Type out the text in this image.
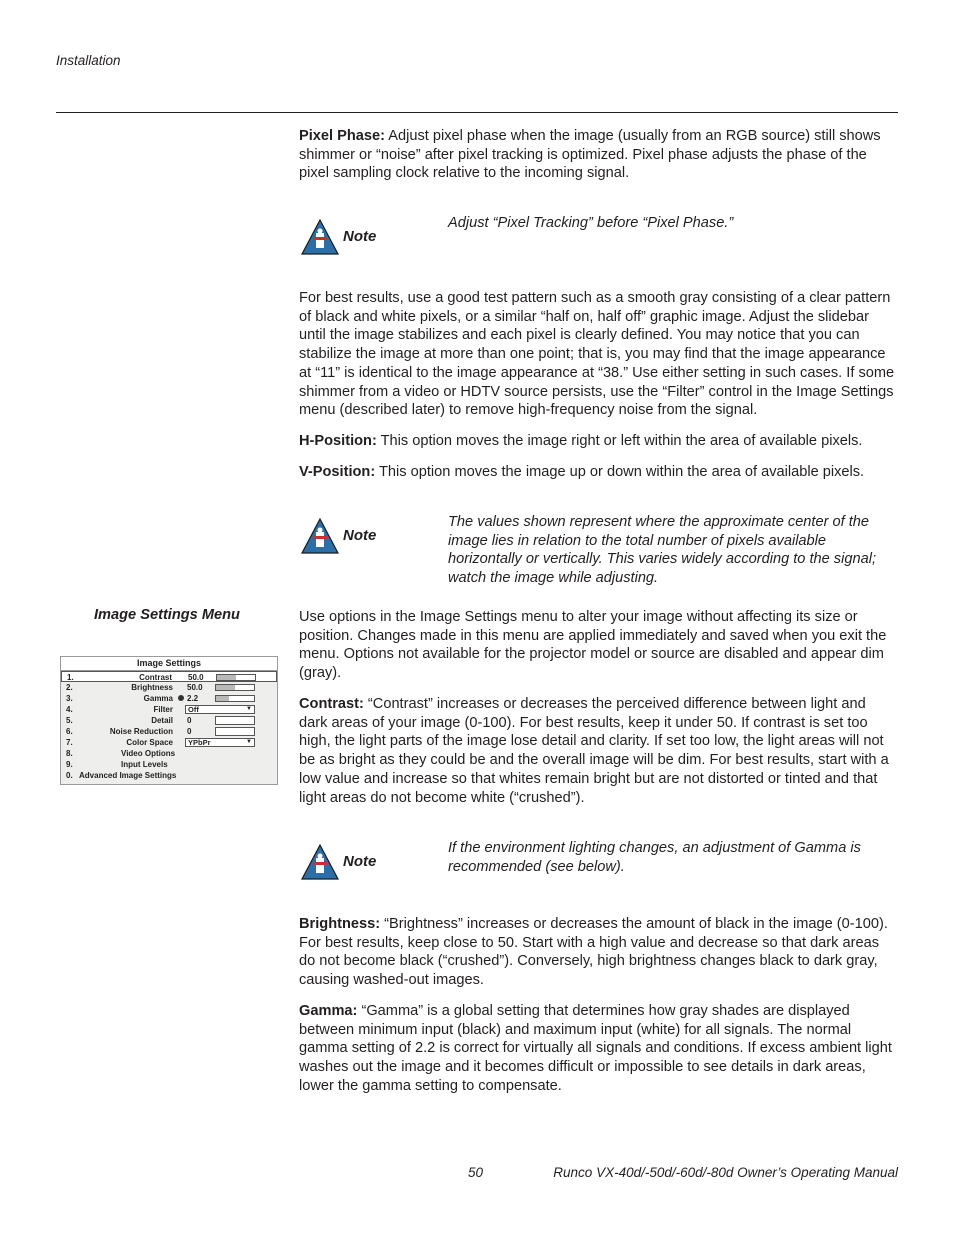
Installation

Pixel Phase: Adjust pixel phase when the image (usually from an RGB source) still shows shimmer or “noise” after pixel tracking is optimized. Pixel phase adjusts the phase of the pixel sampling clock relative to the incoming signal.

Note
Adjust “Pixel Tracking” before “Pixel Phase.”

For best results, use a good test pattern such as a smooth gray consisting of a clear pattern of black and white pixels, or a similar “half on, half off” graphic image. Adjust the slidebar until the image stabilizes and each pixel is clearly defined. You may notice that you can stabilize the image at more than one point; that is, you may find that the image appearance at “11” is identical to the image appearance at “38.” Use either setting in such cases. If some shimmer from a video or HDTV source persists, use the “Filter” control in the Image Settings menu (described later) to remove high-frequency noise from the signal.

H-Position: This option moves the image right or left within the area of available pixels.

V-Position: This option moves the image up or down within the area of available pixels.

Note
The values shown represent where the approximate center of the image lies in relation to the total number of pixels available horizontally or vertically. This varies widely according to the signal; watch the image while adjusting.
Image Settings Menu	Use options in the Image Settings menu to alter your image without affecting its size or position. Changes made in this menu are applied immediately and saved when you exit the menu. Options not available for the projector model or source are disabled and appear dim (gray).

Image Settings
1.	Contrast 50.0
2.	Brightness 50.0
3.	Gamma 2.2
4.	Filter	Off	▼
5.	Detail 0
6.	Noise Reduction 0
7.	Color Space	YPbPr	▼
8.	Video Options
9.	Input Levels
0. Advanced Image Settings

Contrast: “Contrast” increases or decreases the perceived difference between light and dark areas of your image (0-100). For best results, keep it under 50. If contrast is set too high, the light parts of the image lose detail and clarity. If set too low, the light areas will not be as bright as they could be and the overall image will be dim. For best results, start with a low value and increase so that whites remain bright but are not distorted or tinted and that light areas do not become white (“crushed”).

Note
If the environment lighting changes, an adjustment of Gamma is recommended (see below).

Brightness: “Brightness” increases or decreases the amount of black in the image (0-100). For best results, keep close to 50. Start with a high value and decrease so that dark areas do not become black (“crushed”). Conversely, high brightness changes black to dark gray, causing washed-out images.

Gamma: “Gamma” is a global setting that determines how gray shades are displayed between minimum input (black) and maximum input (white) for all signals. The normal gamma setting of 2.2 is correct for virtually all signals and conditions. If excess ambient light washes out the image and it becomes difficult or impossible to see details in dark areas, lower the gamma setting to compensate.

50	Runco VX-40d/-50d/-60d/-80d Owner’s Operating Manual
